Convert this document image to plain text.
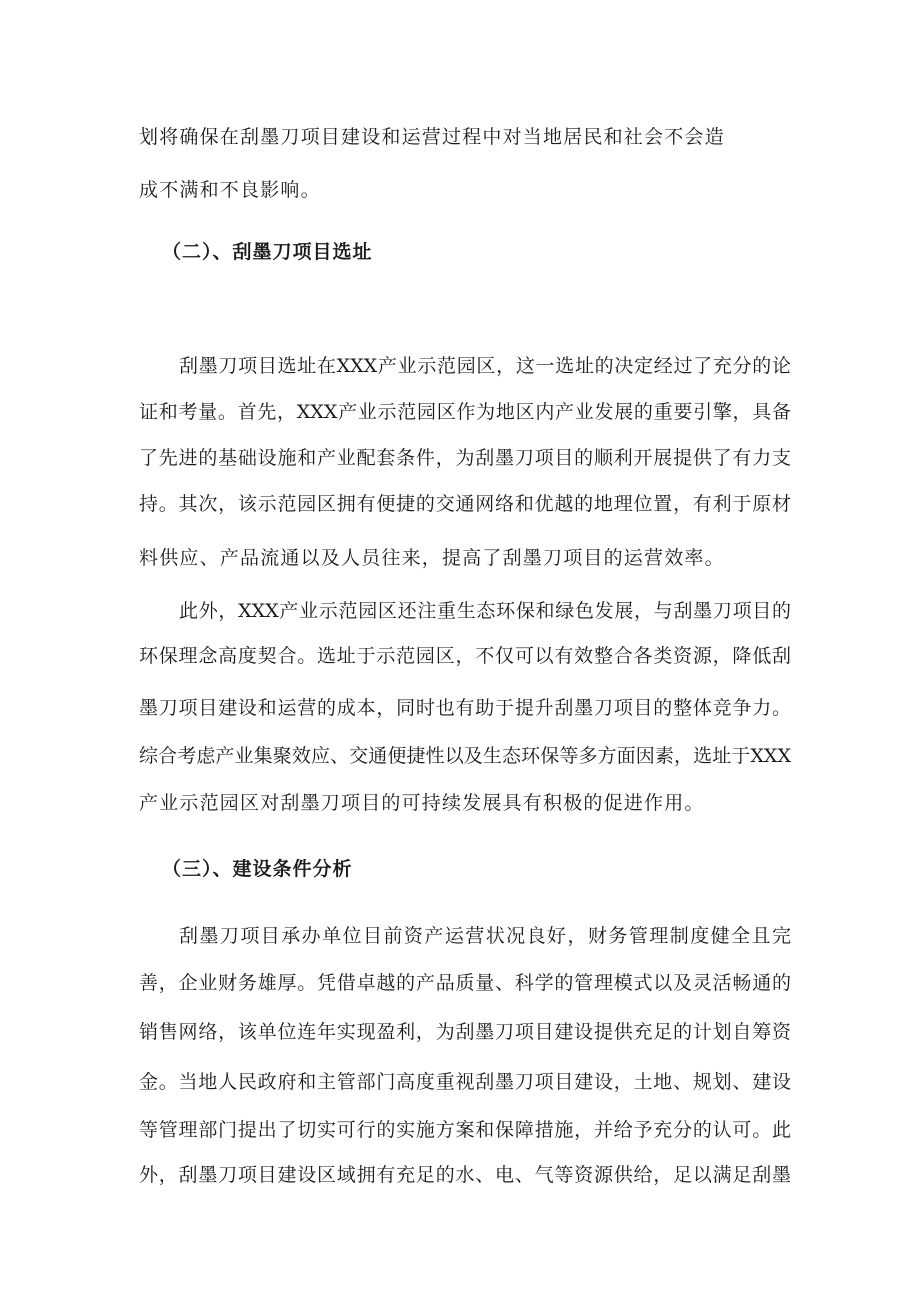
划将确保在刮墨刀项目建设和运营过程中对当地居民和社会不会造
成不满和不良影响。
（二）、刮墨刀项目选址
刮墨刀项目选址在XXX产业示范园区，这一选址的决定经过了充分的论
证和考量。首先，XXX产业示范园区作为地区内产业发展的重要引擎，具备
了先进的基础设施和产业配套条件，为刮墨刀项目的顺利开展提供了有力支
持。其次，该示范园区拥有便捷的交通网络和优越的地理位置，有利于原材
料供应、产品流通以及人员往来，提高了刮墨刀项目的运营效率。
此外，XXX产业示范园区还注重生态环保和绿色发展，与刮墨刀项目的
环保理念高度契合。选址于示范园区，不仅可以有效整合各类资源，降低刮
墨刀项目建设和运营的成本，同时也有助于提升刮墨刀项目的整体竞争力。
综合考虑产业集聚效应、交通便捷性以及生态环保等多方面因素，选址于XXX
产业示范园区对刮墨刀项目的可持续发展具有积极的促进作用。
（三）、建设条件分析
刮墨刀项目承办单位目前资产运营状况良好，财务管理制度健全且完
善，企业财务雄厚。凭借卓越的产品质量、科学的管理模式以及灵活畅通的
销售网络，该单位连年实现盈利，为刮墨刀项目建设提供充足的计划自筹资
金。当地人民政府和主管部门高度重视刮墨刀项目建设，土地、规划、建设
等管理部门提出了切实可行的实施方案和保障措施，并给予充分的认可。此
外，刮墨刀项目建设区域拥有充足的水、电、气等资源供给，足以满足刮墨
